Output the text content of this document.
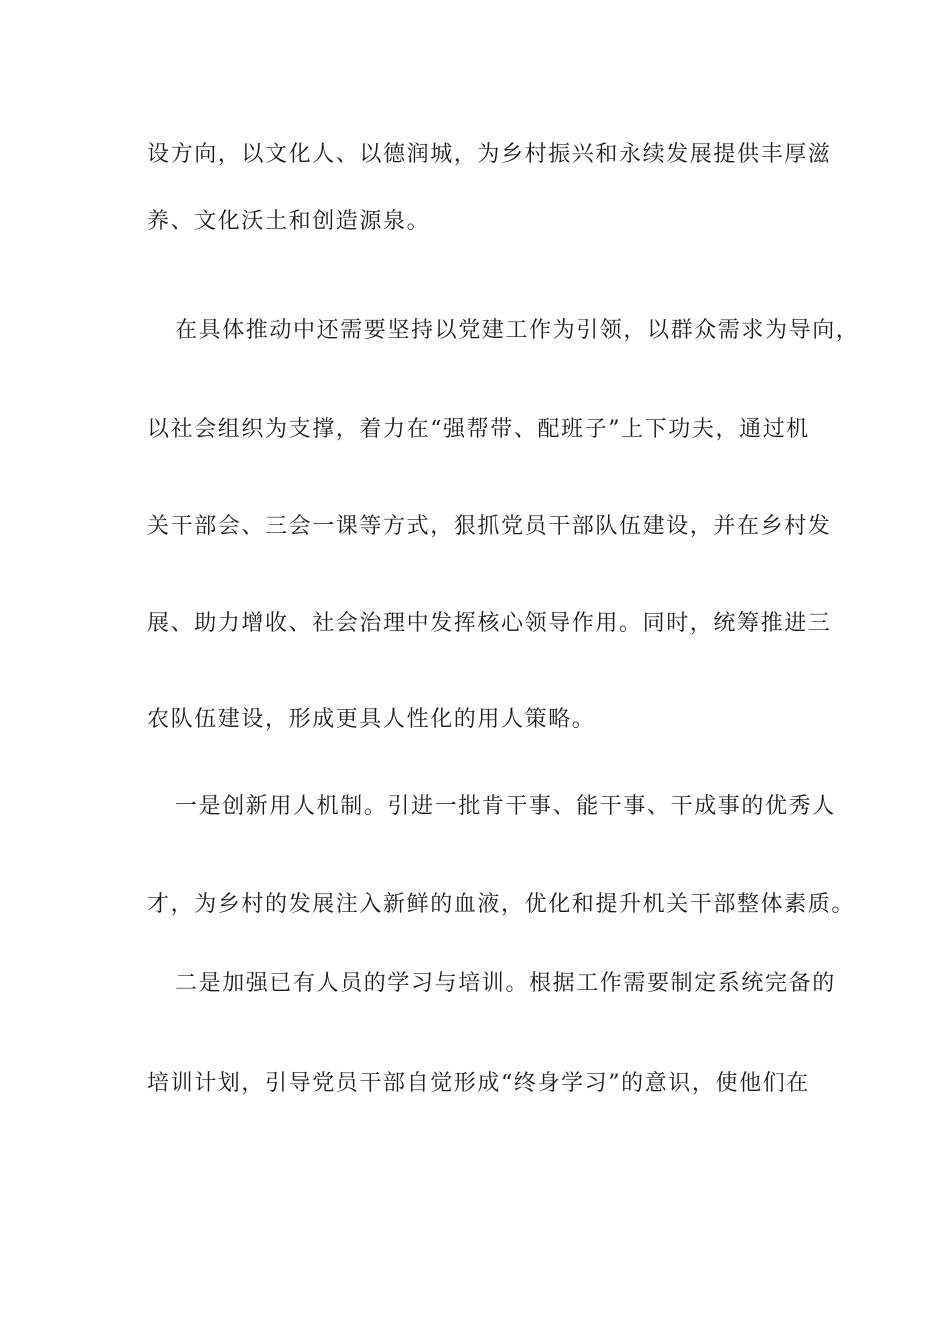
设方向，以文化人、以德润城，为乡村振兴和永续发展提供丰厚滋
养、文化沃土和创造源泉。
在具体推动中还需要坚持以党建工作为引领，以群众需求为导向，
以社会组织为支撑，着力在“强帮带、配班子”上下功夫，通过机
关干部会、三会一课等方式，狠抓党员干部队伍建设，并在乡村发
展、助力增收、社会治理中发挥核心领导作用。同时，统筹推进三
农队伍建设，形成更具人性化的用人策略。
一是创新用人机制。引进一批肯干事、能干事、干成事的优秀人
才，为乡村的发展注入新鲜的血液，优化和提升机关干部整体素质。
二是加强已有人员的学习与培训。根据工作需要制定系统完备的
培训计划，引导党员干部自觉形成“终身学习”的意识，使他们在
